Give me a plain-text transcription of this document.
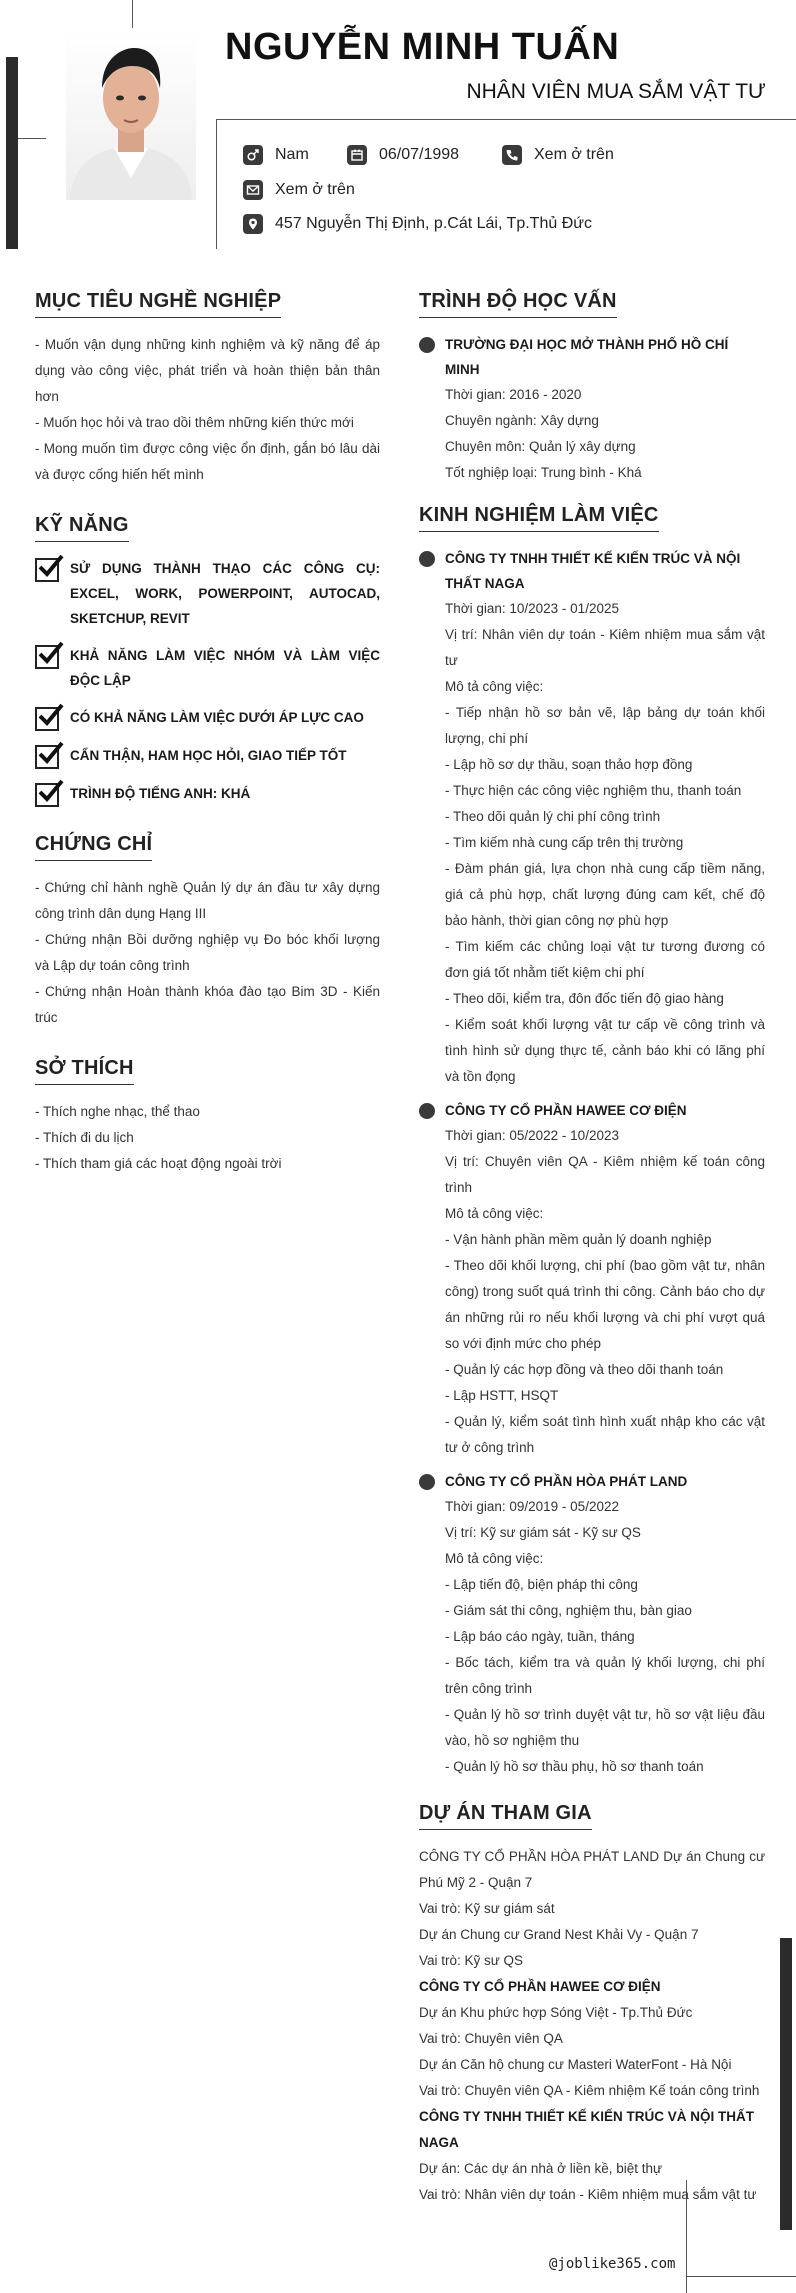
NGUYỄN MINH TUẤN
NHÂN VIÊN MUA SẮM VẬT TƯ
Nam	06/07/1998	Xem ở trên
Xem ở trên
457 Nguyễn Thị Định, p.Cát Lái, Tp.Thủ Đức
MỤC TIÊU NGHỀ NGHIỆP
- Muốn vận dụng những kinh nghiệm và kỹ năng để áp dụng vào công việc, phát triển và hoàn thiện bản thân hơn
- Muốn học hỏi và trao dồi thêm những kiến thức mới
- Mong muốn tìm được công việc ổn định, gắn bó lâu dài và được cống hiến hết mình
KỸ NĂNG
SỬ DỤNG THÀNH THẠO CÁC CÔNG CỤ: EXCEL, WORK, POWERPOINT, AUTOCAD, SKETCHUP, REVIT
KHẢ NĂNG LÀM VIỆC NHÓM VÀ LÀM VIỆC ĐỘC LẬP
CÓ KHẢ NĂNG LÀM VIỆC DƯỚI ÁP LỰC CAO
CẨN THẬN, HAM HỌC HỎI, GIAO TIẾP TỐT
TRÌNH ĐỘ TIẾNG ANH: KHÁ
CHỨNG CHỈ
- Chứng chỉ hành nghề Quản lý dự án đầu tư xây dựng công trình dân dụng Hạng III
- Chứng nhận Bồi dưỡng nghiệp vụ Đo bóc khối lượng và Lập dự toán công trình
- Chứng nhận Hoàn thành khóa đào tạo Bim 3D - Kiến trúc
SỞ THÍCH
- Thích nghe nhạc, thể thao
- Thích đi du lịch
- Thích tham giá các hoạt động ngoài trời
TRÌNH ĐỘ HỌC VẤN
TRƯỜNG ĐẠI HỌC MỞ THÀNH PHỐ HỒ CHÍ MINH
Thời gian: 2016 - 2020
Chuyên ngành: Xây dựng
Chuyên môn: Quản lý xây dựng
Tốt nghiệp loại: Trung bình - Khá
KINH NGHIỆM LÀM VIỆC
CÔNG TY TNHH THIẾT KẾ KIẾN TRÚC VÀ NỘI THẤT NAGA
Thời gian: 10/2023 - 01/2025
Vị trí: Nhân viên dự toán - Kiêm nhiệm mua sắm vật tư
Mô tả công việc:
- Tiếp nhận hồ sơ bản vẽ, lập bảng dự toán khối lượng, chi phí
- Lập hồ sơ dự thầu, soạn thảo hợp đồng
- Thực hiện các công việc nghiệm thu, thanh toán
- Theo dõi quản lý chi phí công trình
- Tìm kiếm nhà cung cấp trên thị trường
- Đàm phán giá, lựa chọn nhà cung cấp tiềm năng, giá cả phù hợp, chất lượng đúng cam kết, chế độ bảo hành, thời gian công nợ phù hợp
- Tìm kiếm các chủng loại vật tư tương đương có đơn giá tốt nhằm tiết kiệm chi phí
- Theo dõi, kiểm tra, đôn đốc tiến độ giao hàng
- Kiểm soát khối lượng vật tư cấp về công trình và tình hình sử dụng thực tế, cảnh báo khi có lãng phí và tồn đọng
CÔNG TY CỔ PHẦN HAWEE CƠ ĐIỆN
Thời gian: 05/2022 - 10/2023
Vị trí: Chuyên viên QA - Kiêm nhiệm kế toán công trình
Mô tả công việc:
- Vận hành phần mềm quản lý doanh nghiệp
- Theo dõi khối lượng, chi phí (bao gồm vật tư, nhân công) trong suốt quá trình thi công. Cảnh báo cho dự án những rủi ro nếu khối lượng và chi phí vượt quá so với định mức cho phép
- Quản lý các hợp đồng và theo dõi thanh toán
- Lập HSTT, HSQT
- Quản lý, kiểm soát tình hình xuất nhập kho các vật tư ở công trình
CÔNG TY CỔ PHẦN HÒA PHÁT LAND
Thời gian: 09/2019 - 05/2022
Vị trí: Kỹ sư giám sát - Kỹ sư QS
Mô tả công việc:
- Lập tiến độ, biện pháp thi công
- Giám sát thi công, nghiệm thu, bàn giao
- Lập báo cáo ngày, tuần, tháng
- Bốc tách, kiểm tra và quản lý khối lượng, chi phí trên công trình
- Quản lý hồ sơ trình duyệt vật tư, hồ sơ vật liệu đầu vào, hồ sơ nghiệm thu
- Quản lý hồ sơ thầu phụ, hồ sơ thanh toán
DỰ ÁN THAM GIA
CÔNG TY CỔ PHẦN HÒA PHÁT LAND Dự án Chung cư Phú Mỹ 2 - Quận 7
Vai trò: Kỹ sư giám sát
Dự án Chung cư Grand Nest Khải Vy - Quận 7
Vai trò: Kỹ sư QS
CÔNG TY CỔ PHẦN HAWEE CƠ ĐIỆN
Dự án Khu phức hợp Sóng Việt - Tp.Thủ Đức
Vai trò: Chuyên viên QA
Dự án Căn hộ chung cư Masteri WaterFont - Hà Nội
Vai trò: Chuyên viên QA - Kiêm nhiệm Kế toán công trình
CÔNG TY TNHH THIẾT KẾ KIẾN TRÚC VÀ NỘI THẤT NAGA
Dự án: Các dự án nhà ở liền kề, biệt thự
Vai trò: Nhân viên dự toán - Kiêm nhiệm mua sắm vật tư
@joblike365.com
